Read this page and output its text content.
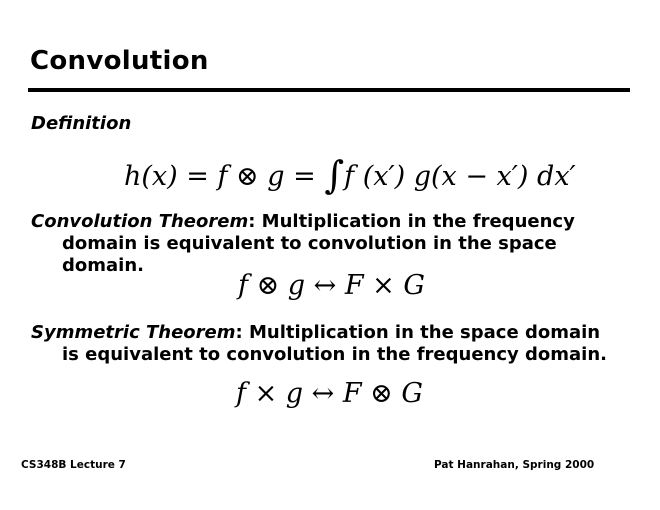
Convolution
Definition
h(x) = f ⊗ g = ∫f (x′) g(x − x′) dx′
Convolution Theorem: Multiplication in the frequency
domain is equivalent to convolution in the space
domain.
f ⊗ g ↔ F × G
Symmetric Theorem: Multiplication in the space domain
is equivalent to convolution in the frequency domain.
f × g ↔ F ⊗ G
CS348B Lecture 7	Pat Hanrahan, Spring 2000
